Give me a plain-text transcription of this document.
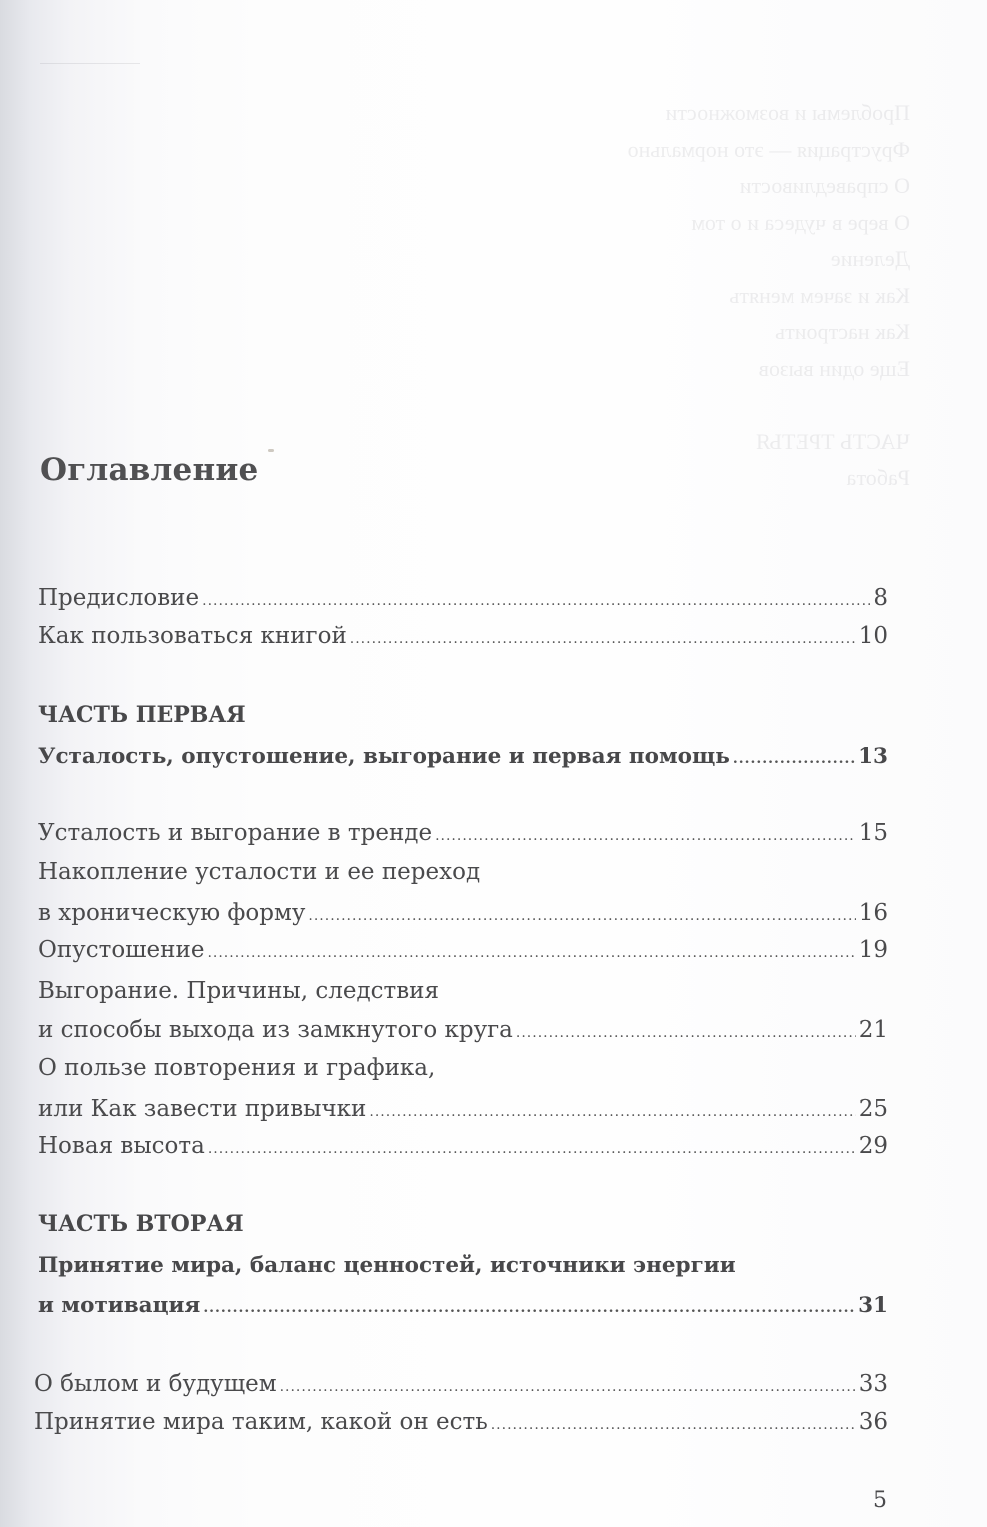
Проблемы и возможности
Фрустрация — это нормально
О справедливости
О вере в чудеса и о том
Деление
Как и зачем менять
Как настроить
Еще один вызов
ЧАСТЬ ТРЕТЬЯ
Работа
Оглавление
Предисловие .....	8
Как пользоваться книгой .....	10
ЧАСТЬ ПЕРВАЯ
Усталость, опустошение, выгорание и первая помощь .....	13
Усталость и выгорание в тренде .....	15
Накопление усталости и ее переход
в хроническую форму .....	16
Опустошение .....	19
Выгорание. Причины, следствия
и способы выхода из замкнутого круга .....	21
О пользе повторения и графика,
или Как завести привычки .....	25
Новая высота .....	29
ЧАСТЬ ВТОРАЯ
Принятие мира, баланс ценностей, источники энергии
и мотивация .....	31
О былом и будущем .....	33
Принятие мира таким, какой он есть .....	36
5
